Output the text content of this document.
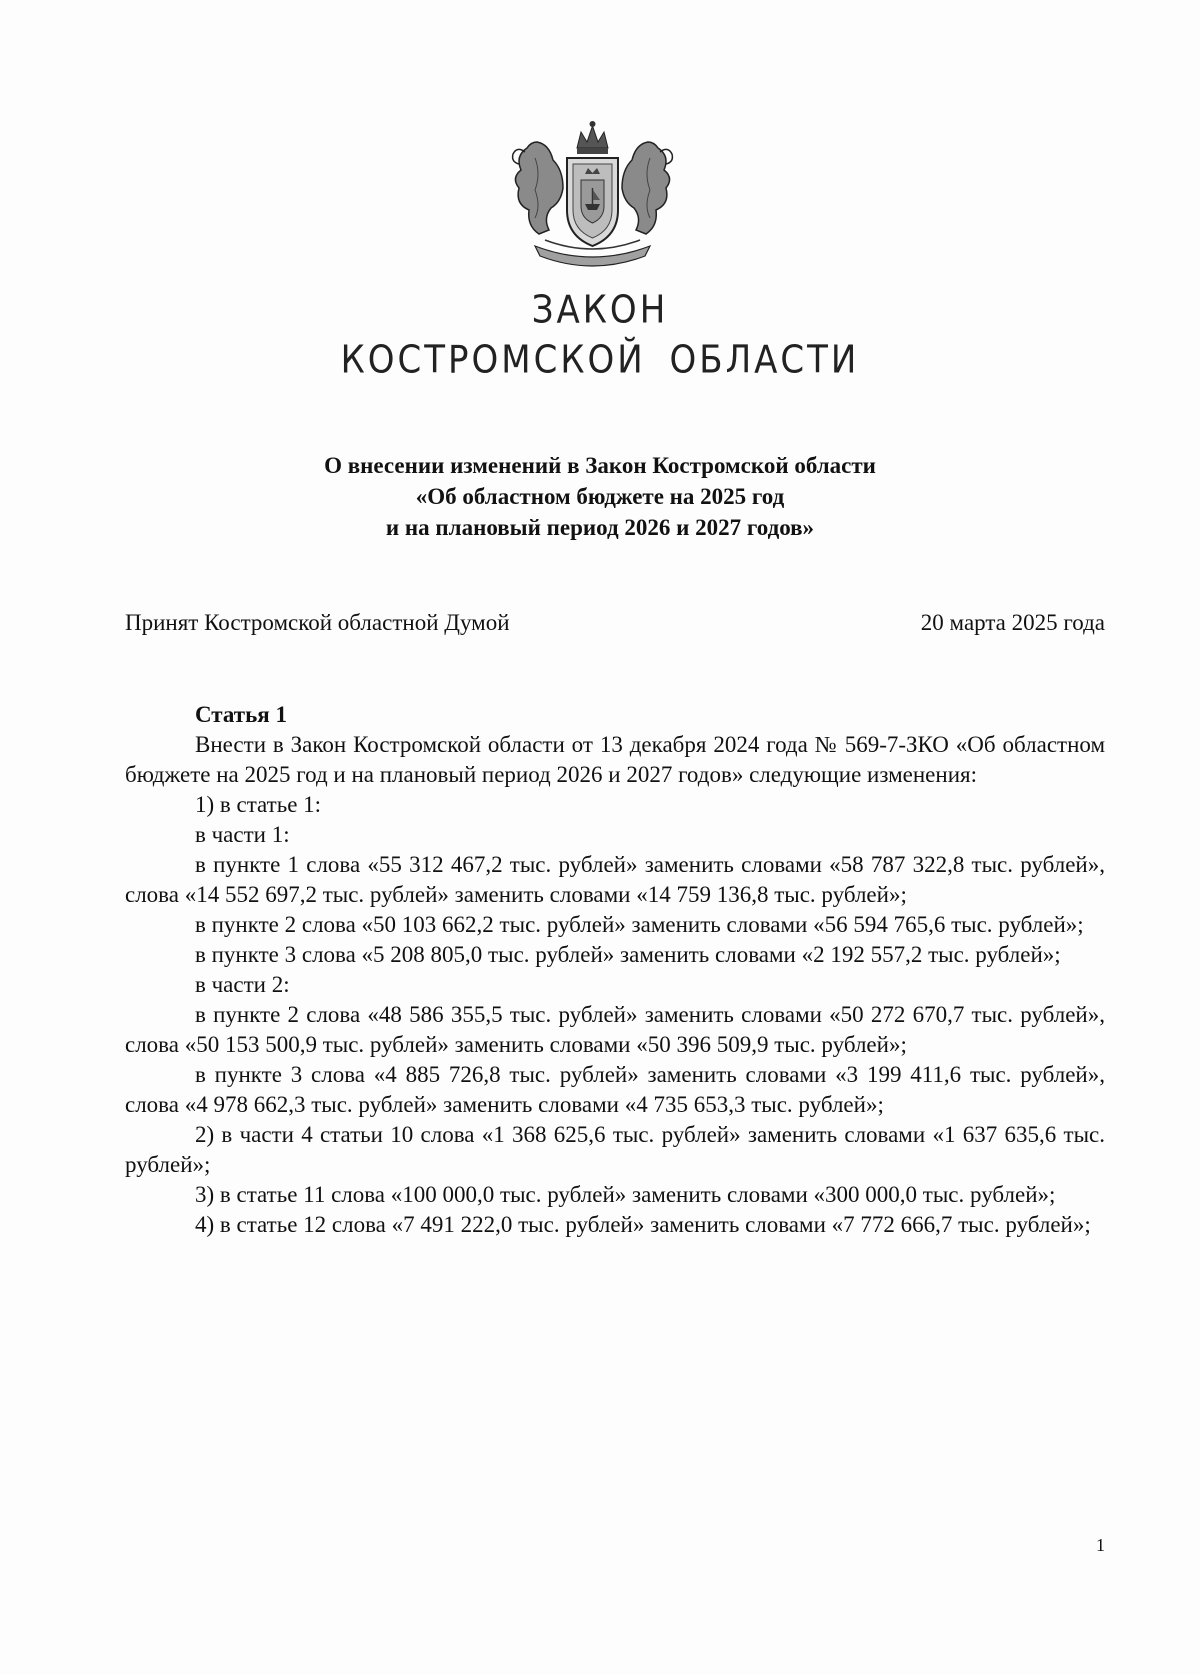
ЗАКОН
КОСТРОМСКОЙ ОБЛАСТИ
О внесении изменений в Закон Костромской области
«Об областном бюджете на 2025 год
и на плановый период 2026 и 2027 годов»
Принят Костромской областной Думой	20 марта 2025 года

Статья 1

Внести в Закон Костромской области от 13 декабря 2024 года № 569-7-ЗКО «Об областном бюджете на 2025 год и на плановый период 2026 и 2027 годов» следующие изменения:

1) в статье 1:

в части 1:

в пункте 1 слова «55 312 467,2 тыс. рублей» заменить словами «58 787 322,8 тыс. рублей», слова «14 552 697,2 тыс. рублей» заменить словами «14 759 136,8 тыс. рублей»;

в пункте 2 слова «50 103 662,2 тыс. рублей» заменить словами «56 594 765,6 тыс. рублей»;

в пункте 3 слова «5 208 805,0 тыс. рублей» заменить словами «2 192 557,2 тыс. рублей»;

в части 2:

в пункте 2 слова «48 586 355,5 тыс. рублей» заменить словами «50 272 670,7 тыс. рублей», слова «50 153 500,9 тыс. рублей» заменить словами «50 396 509,9 тыс. рублей»;

в пункте 3 слова «4 885 726,8 тыс. рублей» заменить словами «3 199 411,6 тыс. рублей», слова «4 978 662,3 тыс. рублей» заменить словами «4 735 653,3 тыс. рублей»;

2) в части 4 статьи 10 слова «1 368 625,6 тыс. рублей» заменить словами «1 637 635,6 тыс. рублей»;

3) в статье 11 слова «100 000,0 тыс. рублей» заменить словами «300 000,0 тыс. рублей»;

4) в статье 12 слова «7 491 222,0 тыс. рублей» заменить словами «7 772 666,7 тыс. рублей»;

1
